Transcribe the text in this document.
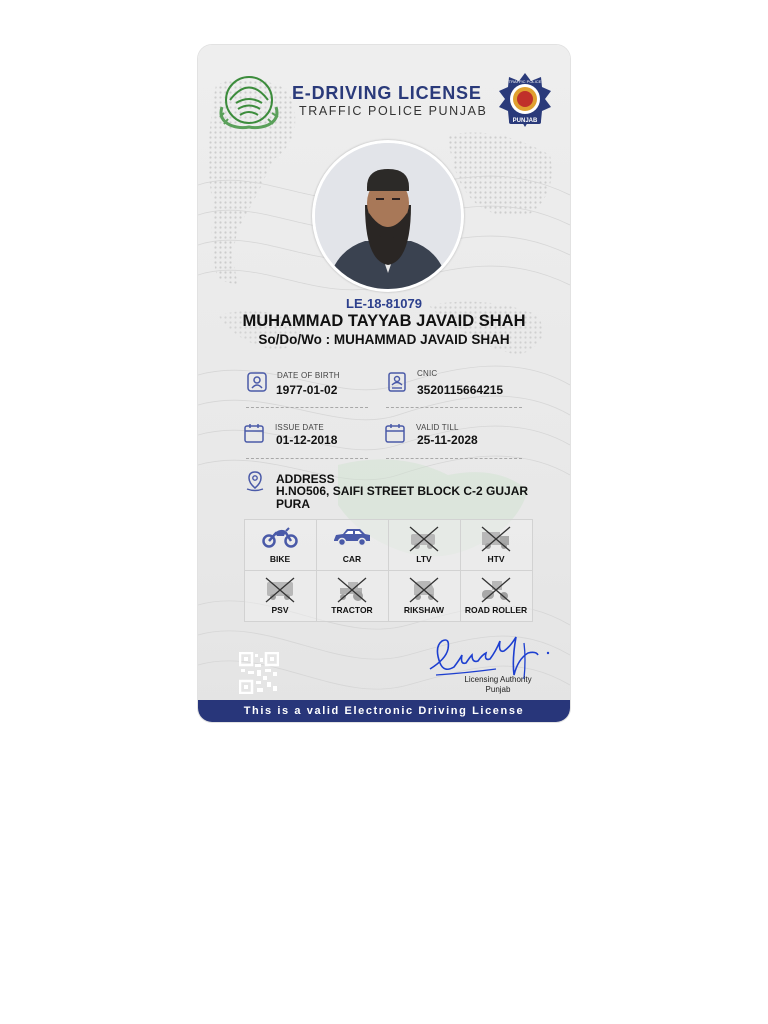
E-DRIVING LICENSE
TRAFFIC POLICE PUNJAB
PUNJAB
TRAFFIC POLICE
LE-18-81079
MUHAMMAD TAYYAB JAVAID SHAH
So/Do/Wo : MUHAMMAD JAVAID SHAH
DATE OF BIRTH
1977-01-02
CNIC
3520115664215
ISSUE DATE
01-12-2018
VALID TILL
25-11-2028
ADDRESS
H.NO506, SAIFI STREET BLOCK C-2 GUJAR PURA
BIKE	CAR	LTV	HTV
PSV	TRACTOR	RIKSHAW	ROAD ROLLER
Licensing Authority
Punjab
This is a valid Electronic Driving License
